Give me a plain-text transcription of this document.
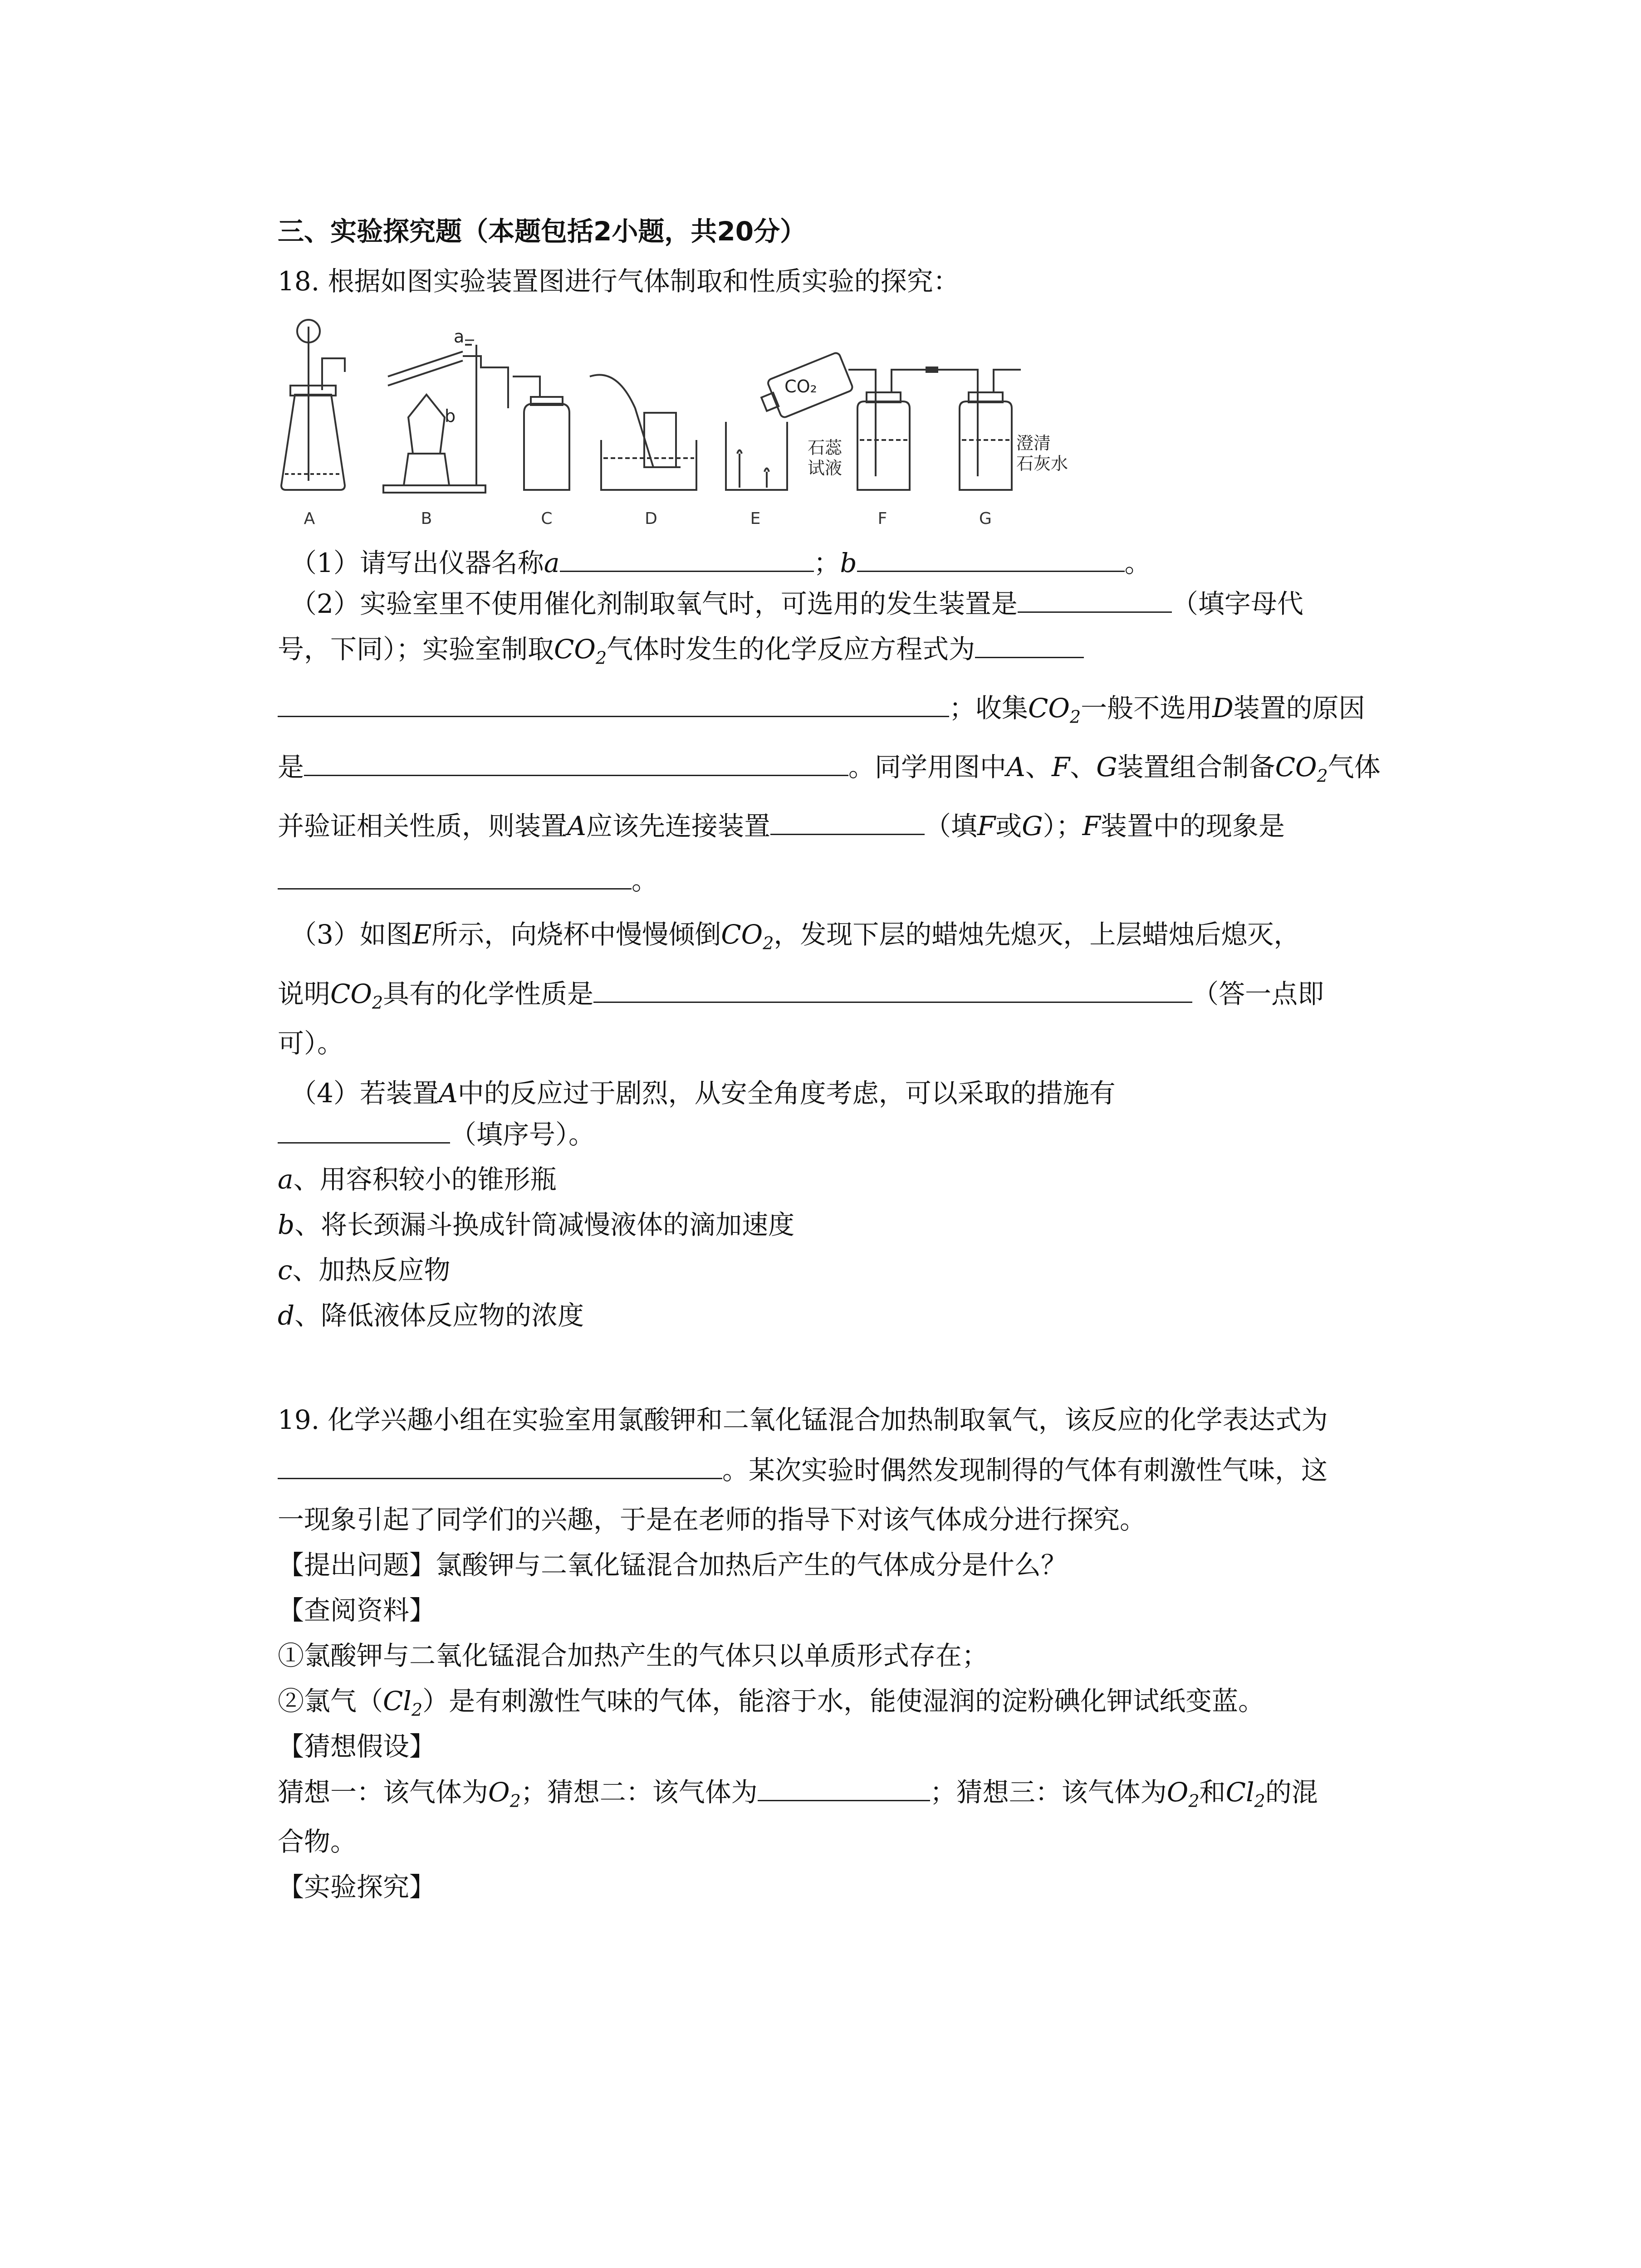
三、实验探究题（本题包括2小题，共20分）
18. 根据如图实验装置图进行气体制取和性质实验的探究：
A
a
b
B	C	D
CO₂
E
石蕊
试液
F
澄清
石灰水
G
（1）请写出仪器名称a	；b	。
（2）实验室里不使用催化剂制取氧气时，可选用的发生装置是	（填字母代
号，下同）；实验室制取$CO_2$气体时发生的化学反应方程式为
；收集$CO_2$一般不选用D装置的原因
是	。同学用图中A、F、G装置组合制备$CO_2$气体
并验证相关性质，则装置A应该先连接装置	（填F或G）；F装置中的现象是
。
（3）如图E所示，向烧杯中慢慢倾倒$CO_2$，发现下层的蜡烛先熄灭，上层蜡烛后熄灭，
说明$CO_2$具有的化学性质是	（答一点即
可）。
（4）若装置A中的反应过于剧烈，从安全角度考虑，可以采取的措施有
（填序号）。
a、用容积较小的锥形瓶
b、将长颈漏斗换成针筒减慢液体的滴加速度
c、加热反应物
d、降低液体反应物的浓度
19. 化学兴趣小组在实验室用氯酸钾和二氧化锰混合加热制取氧气，该反应的化学表达式为
。某次实验时偶然发现制得的气体有刺激性气味，这
一现象引起了同学们的兴趣，于是在老师的指导下对该气体成分进行探究。
【提出问题】氯酸钾与二氧化锰混合加热后产生的气体成分是什么？
【查阅资料】
①氯酸钾与二氧化锰混合加热产生的气体只以单质形式存在；
②氯气$(Cl_2)$是有刺激性气味的气体，能溶于水，能使湿润的淀粉碘化钾试纸变蓝。
【猜想假设】
猜想一：该气体为$O_2$；猜想二：该气体为	；猜想三：该气体为$O_2$和$Cl_2$的混
合物。
【实验探究】
